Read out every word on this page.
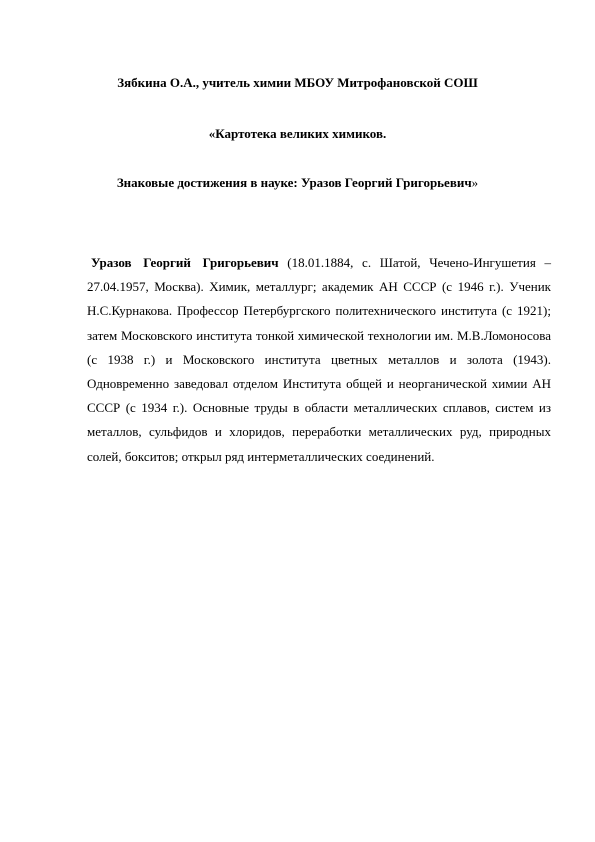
Зябкина О.А., учитель химии МБОУ Митрофановской СОШ
«Картотека великих химиков.
Знаковые достижения в науке: Уразов Георгий Григорьевич»

Уразов Георгий Григорьевич (18.01.1884, с. Шатой, Чечено-Ингушетия – 27.04.1957, Москва). Химик, металлург; академик АН СССР (с 1946 г.). Ученик Н.С.Курнакова. Профессор Петербургского политехнического института (с 1921); затем Московского института тонкой химической технологии им. М.В.Ломоносова (с 1938 г.) и Московского института цветных металлов и золота (1943). Одновременно заведовал отделом Института общей и неорганической химии АН СССР (с 1934 г.). Основные труды в области металлических сплавов, систем из металлов, сульфидов и хлоридов, переработки металлических руд, природных солей, бокситов; открыл ряд интерметаллических соединений.
